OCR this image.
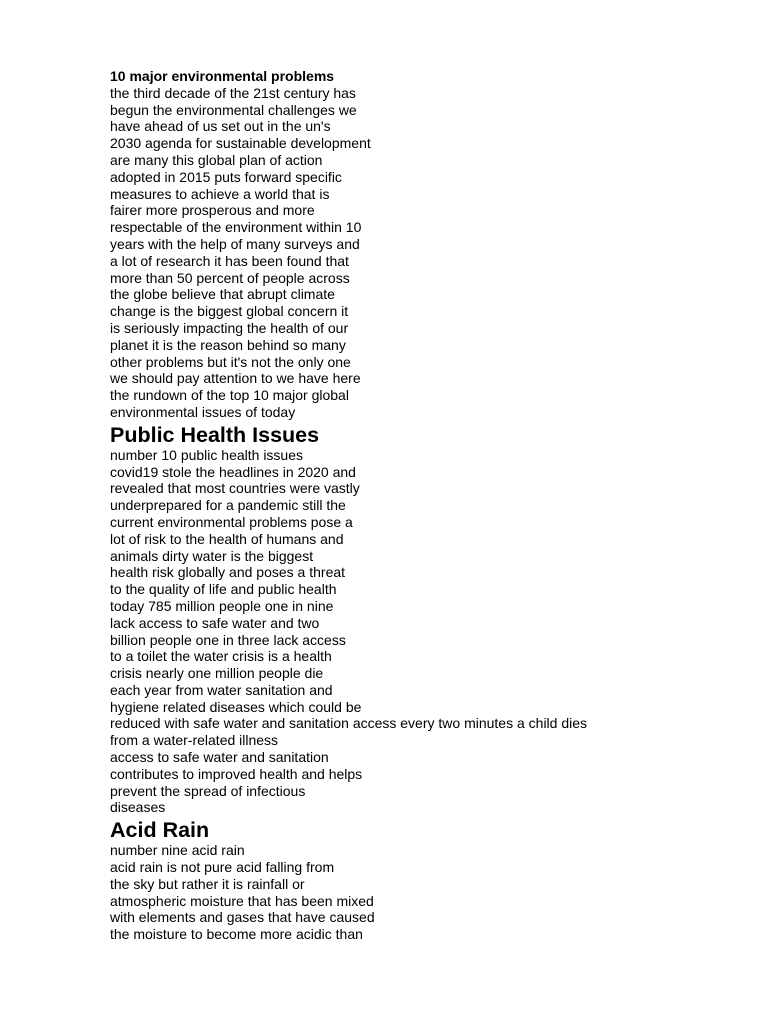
10 major environmental problems
the third decade of the 21st century has
begun the environmental challenges we
have ahead of us set out in the un's
2030 agenda for sustainable development
are many this global plan of action
adopted in 2015 puts forward specific
measures to achieve a world that is
fairer more prosperous and more
respectable of the environment within 10
years with the help of many surveys and
a lot of research it has been found that
more than 50 percent of people across
the globe believe that abrupt climate
change is the biggest global concern it
is seriously impacting the health of our
planet it is the reason behind so many
other problems but it's not the only one
we should pay attention to we have here
the rundown of the top 10 major global
environmental issues of today
Public Health Issues
number 10 public health issues
covid19 stole the headlines in 2020 and
revealed that most countries were vastly
underprepared for a pandemic still the
current environmental problems pose a
lot of risk to the health of humans and
animals dirty water is the biggest
health risk globally and poses a threat
to the quality of life and public health
today 785 million people one in nine
lack access to safe water and two
billion people one in three lack access
to a toilet the water crisis is a health
crisis nearly one million people die
each year from water sanitation and
hygiene related diseases which could be
reduced with safe water and sanitation access every two minutes a child dies
from a water-related illness
access to safe water and sanitation
contributes to improved health and helps
prevent the spread of infectious
diseases
Acid Rain
number nine acid rain
acid rain is not pure acid falling from
the sky but rather it is rainfall or
atmospheric moisture that has been mixed
with elements and gases that have caused
the moisture to become more acidic than
